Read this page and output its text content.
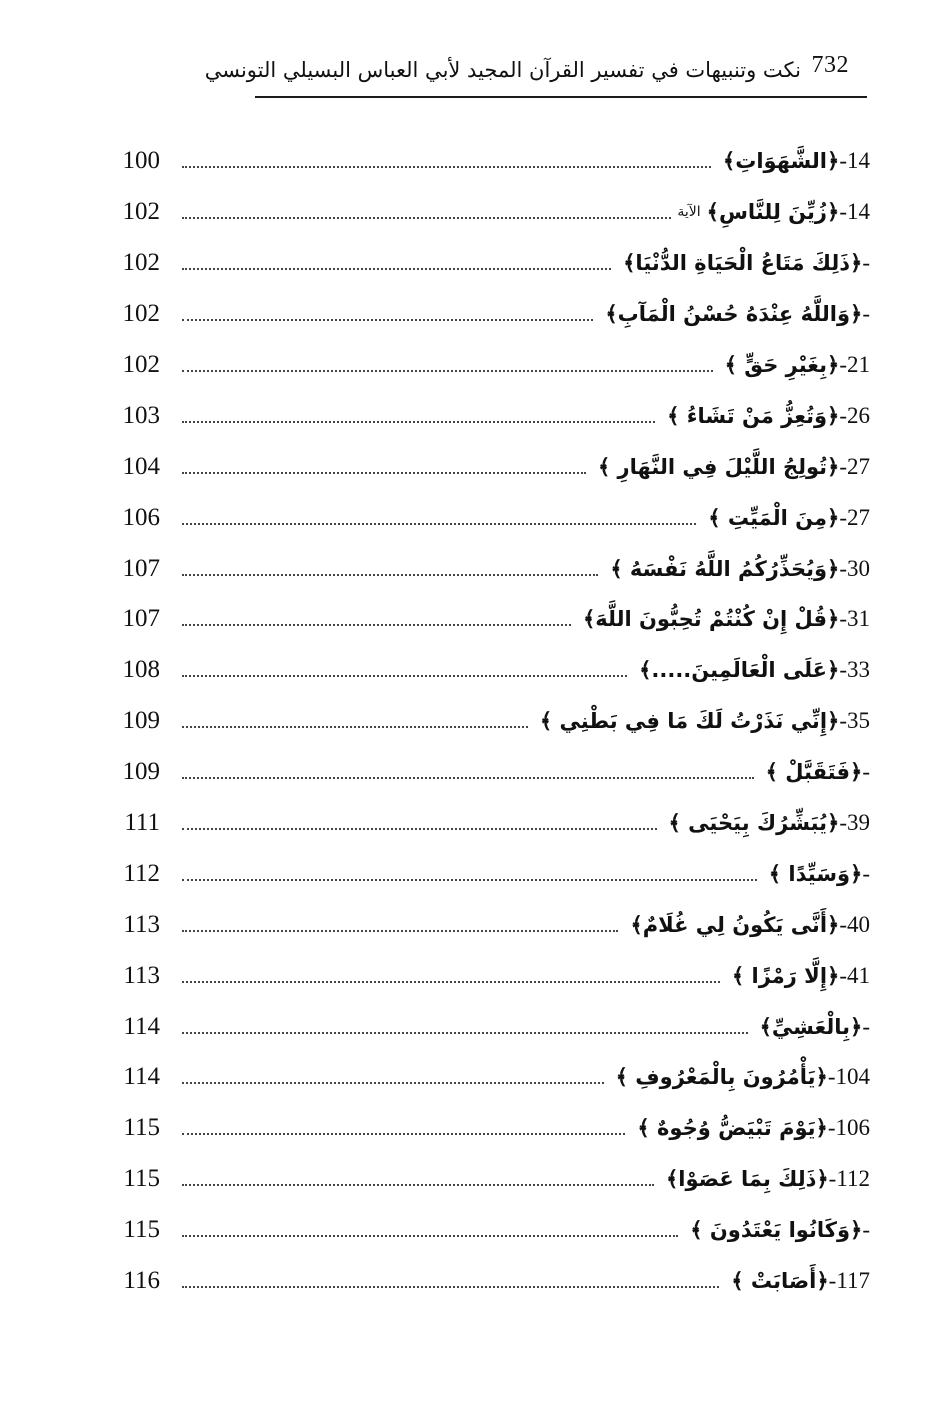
732
نكت وتنبيهات في تفسير القرآن المجيد لأبي العباس البسيلي التونسي
100	﴿الشَّهَوَاتِ﴾ - 14
102	الآية ﴿زُيِّنَ لِلنَّاسِ﴾ - 14
102	﴿ذَلِكَ مَتَاعُ الْحَيَاةِ الدُّنْيَا﴾ -
102	﴿وَاللَّهُ عِنْدَهُ حُسْنُ الْمَآبِ﴾ -
102	﴿بِغَيْرِ حَقٍّ ﴾ - 21
103	﴿وَتُعِزُّ مَنْ تَشَاءُ ﴾ - 26
104	﴿تُولِجُ اللَّيْلَ فِي النَّهَارِ ﴾ - 27
106	﴿مِنَ الْمَيِّتِ ﴾ - 27
107	﴿وَيُحَذِّرُكُمُ اللَّهُ نَفْسَهُ ﴾ - 30
107	﴿قُلْ إِنْ كُنْتُمْ تُحِبُّونَ اللَّهَ﴾ - 31
108	﴿عَلَى الْعَالَمِينَ.....﴾ - 33
109	﴿إِنِّي نَذَرْتُ لَكَ مَا فِي بَطْنِي ﴾ - 35
109	﴿فَتَقَبَّلْ ﴾ -
111	﴿يُبَشِّرُكَ بِيَحْيَى ﴾ - 39
112	﴿وَسَيِّدًا ﴾ -
113	﴿أَنَّى يَكُونُ لِي غُلَامٌ﴾ - 40
113	﴿إِلَّا رَمْزًا ﴾ - 41
114	﴿بِالْعَشِيِّ﴾ -
114	﴿يَأْمُرُونَ بِالْمَعْرُوفِ ﴾ - 104
115	﴿يَوْمَ تَبْيَضُّ وُجُوهٌ ﴾ - 106
115	﴿ذَلِكَ بِمَا عَصَوْا﴾ - 112
115	﴿وَكَانُوا يَعْتَدُونَ ﴾ -
116	﴿أَصَابَتْ ﴾ - 117
